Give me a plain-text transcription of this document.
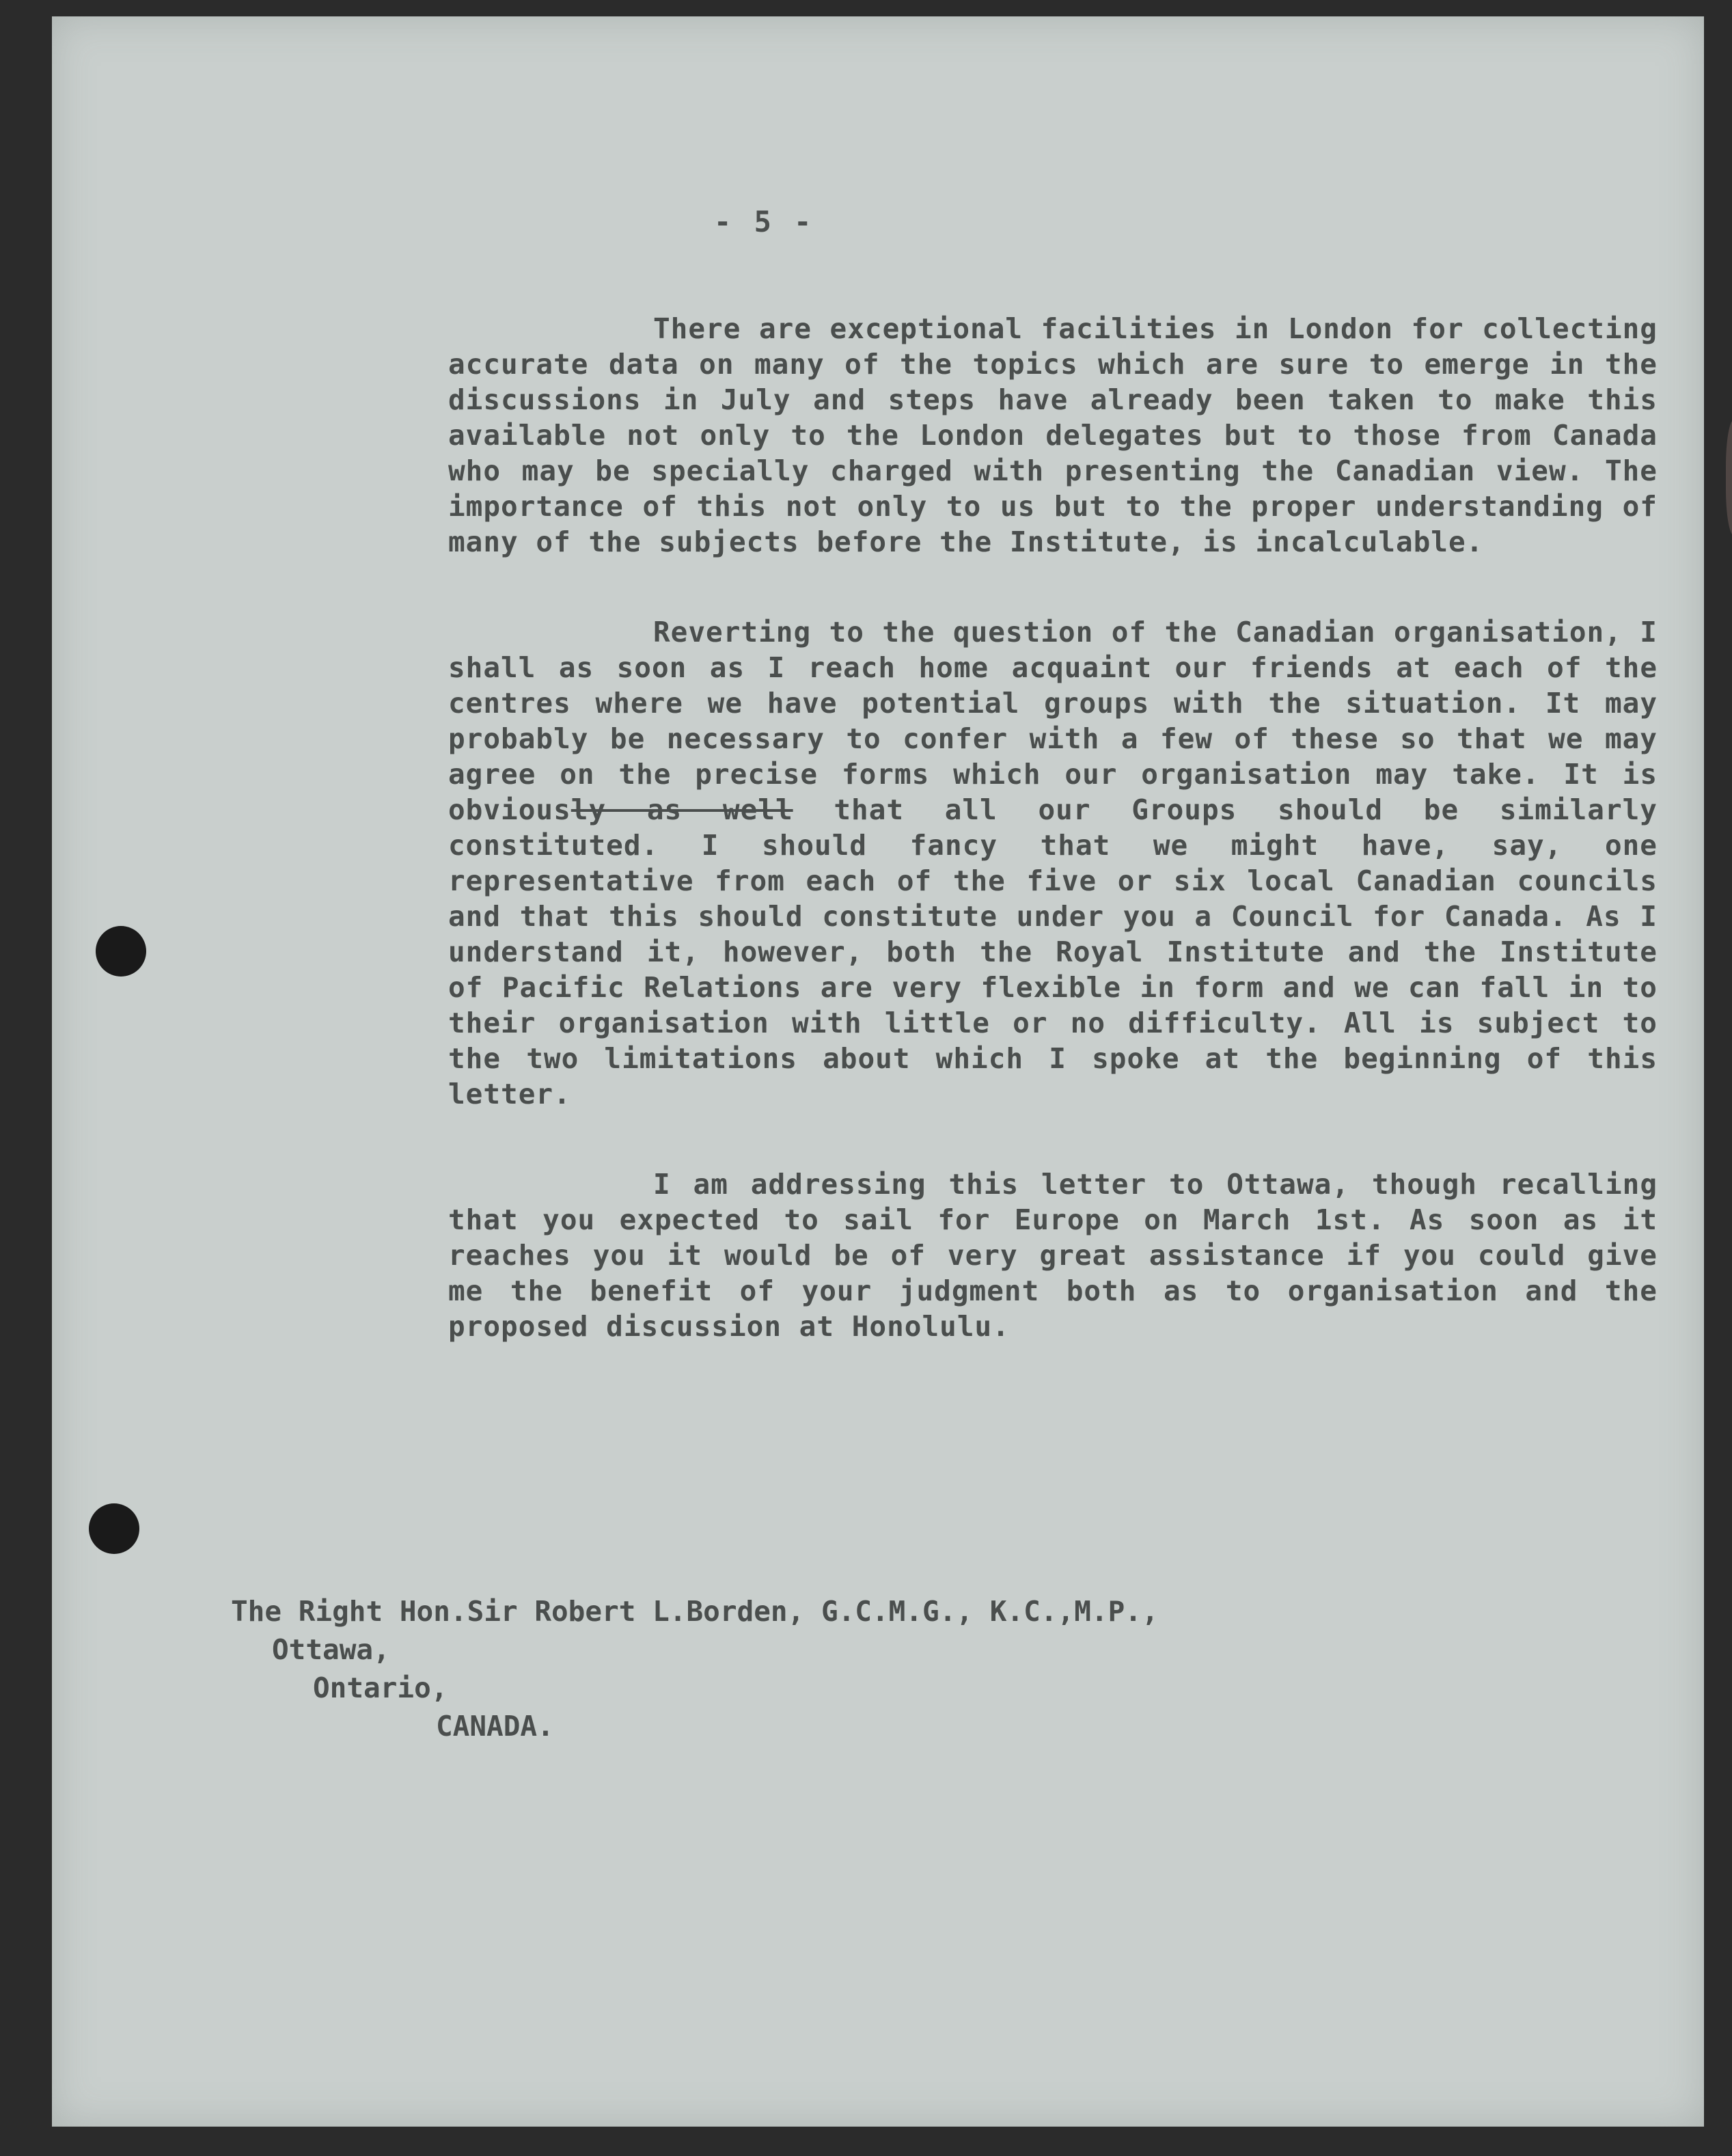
- 5 -

There are exceptional facilities in London for collecting accurate data on many of the topics which are sure to emerge in the discussions in July and steps have already been taken to make this available not only to the London delegates but to those from Canada who may be specially charged with presenting the Canadian view. The importance of this not only to us but to the proper understanding of many of the subjects before the Institute, is incalculable.

Reverting to the question of the Canadian organisation, I shall as soon as I reach home acquaint our friends at each of the centres where we have potential groups with the situation. It may probably be necessary to confer with a few of these so that we may agree on the precise forms which our organisation may take. It is obviously as well that all our Groups should be similarly constituted. I should fancy that we might have, say, one representative from each of the five or six local Canadian councils and that this should constitute under you a Council for Canada. As I understand it, however, both the Royal Institute and the Institute of Pacific Relations are very flexible in form and we can fall in to their organisation with little or no difficulty. All is subject to the two limitations about which I spoke at the beginning of this letter.

I am addressing this letter to Ottawa, though recalling that you expected to sail for Europe on March 1st. As soon as it reaches you it would be of very great assistance if you could give me the benefit of your judgment both as to organisation and the proposed discussion at Honolulu.

The Right Hon.Sir Robert L.Borden, G.C.M.G., K.C.,M.P.,
Ottawa,
Ontario,
CANADA.
